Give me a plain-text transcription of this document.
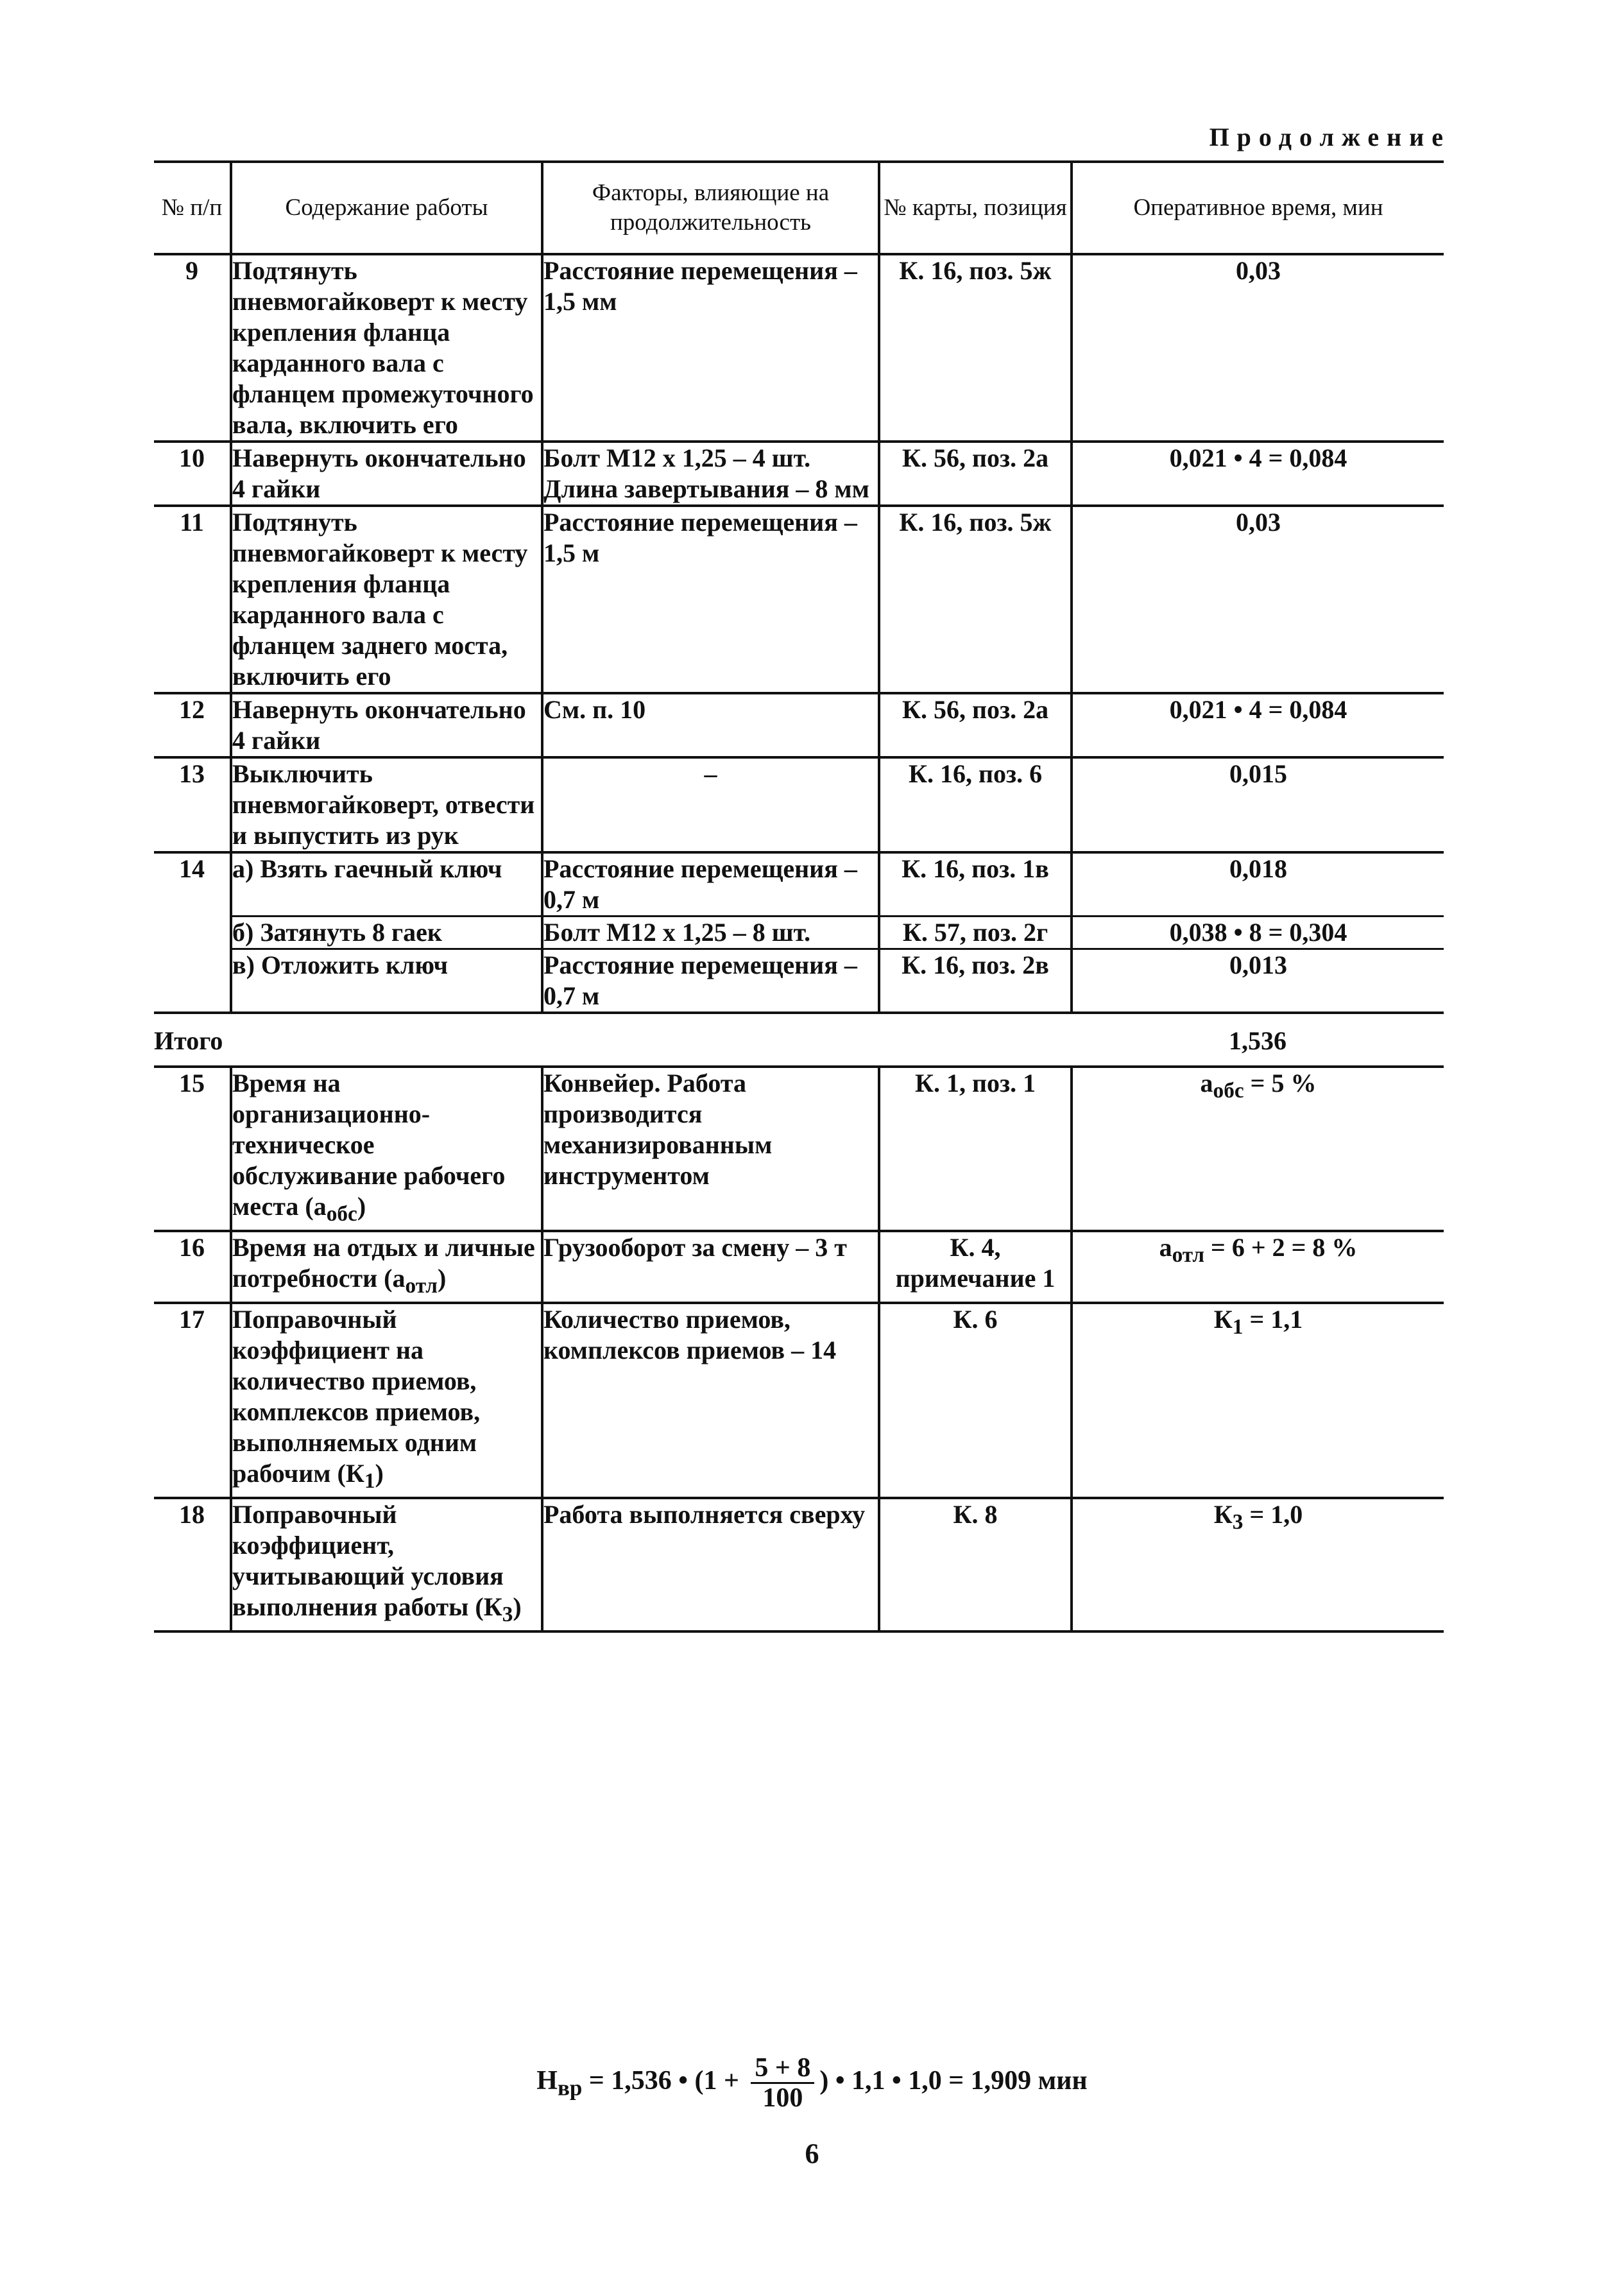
Продолжение
№ п/п	Содержание работы	Факторы, влияющие на продолжительность	№ карты, позиция	Оперативное время, мин
9	Подтянуть пневмогайковерт к месту крепления фланца карданного вала с фланцем промежуточного вала, включить его	Расстояние перемещения – 1,5 мм	К. 16, поз. 5ж	0,03
10	Навернуть окончательно 4 гайки	Болт М12 х 1,25 – 4 шт. Длина завертывания – 8 мм	К. 56, поз. 2а	0,021 • 4 = 0,084
11	Подтянуть пневмогайковерт к месту крепления фланца карданного вала с фланцем заднего моста, включить его	Расстояние перемещения – 1,5 м	К. 16, поз. 5ж	0,03
12	Навернуть окончательно 4 гайки	См. п. 10	К. 56, поз. 2а	0,021 • 4 = 0,084
13	Выключить пневмогайковерт, отвести и выпустить из рук	–	К. 16, поз. 6	0,015
14	а) Взять гаечный ключ	Расстояние перемещения – 0,7 м	К. 16, поз. 1в	0,018
	б) Затянуть 8 гаек	Болт М12 х 1,25 – 8 шт.	К. 57, поз. 2г	0,038 • 8 = 0,304
	в) Отложить ключ	Расстояние перемещения – 0,7 м	К. 16, поз. 2в	0,013
Итого				1,536
15	Время на организационно-техническое обслуживание рабочего места $(а_{обс})$	Конвейер. Работа производится механизированным инструментом	К. 1, поз. 1	$а_{обс} = 5$ %
16	Время на отдых и личные потребности $(а_{отл})$	Грузооборот за смену – 3 т	К. 4, примечание 1	$а_{отл} = 6 + 2 = 8$ %
17	Поправочный коэффициент на количество приемов, комплексов приемов, выполняемых одним рабочим $(К_1)$	Количество приемов, комплексов приемов – 14	К. 6	$К_1 = 1,1$
18	Поправочный коэффициент, учитывающий условия выполнения работы $(К_3)$	Работа выполняется сверху	К. 8	$К_3 = 1,0$
$Н_{вр} = 1,536$ • ($1 + \frac{5 + 8}{100}$ ) • 1,1 • 1,0 = 1,909 мин
6
